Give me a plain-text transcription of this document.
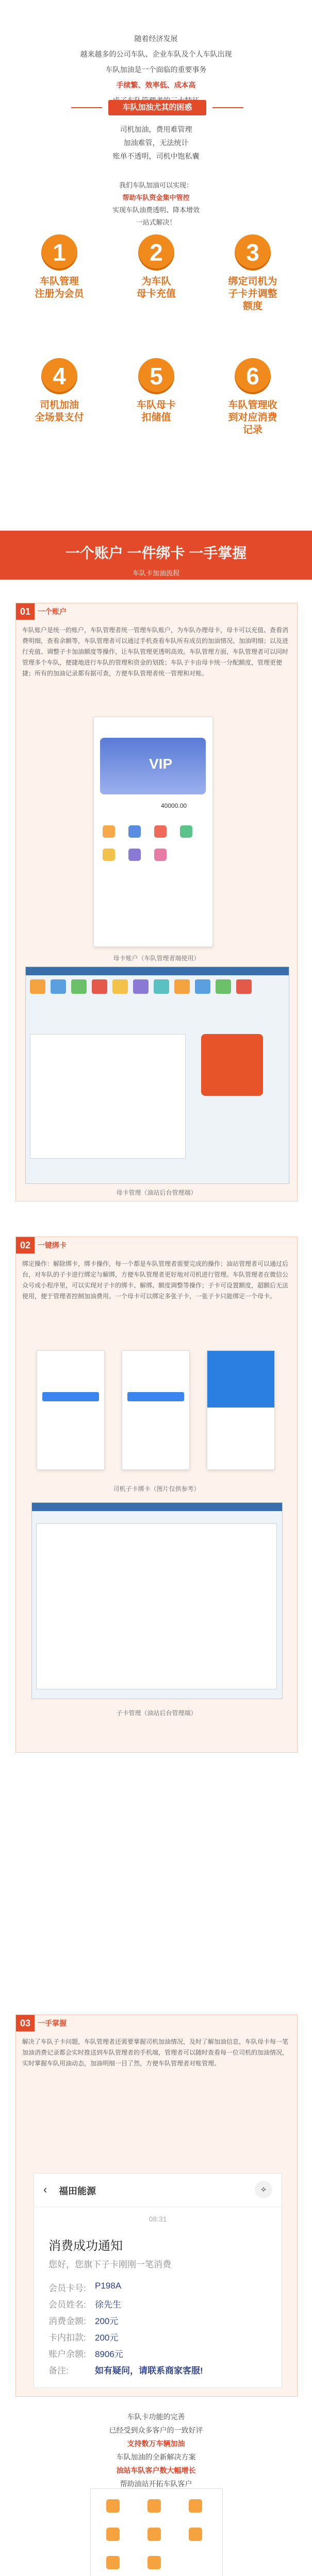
随着经济发展
越来越多的公司车队、企业车队及个人车队出现
车队加油是一个面临的重要事务
手续繁、效率低、成本高
车队加油尤其的困惑
司机加油，费用难管理
加油难管，无法统计
账单不透明，司机中饱私囊
我们车队加油可以实现：
帮助车队资金集中管控
实现车队油费透明、降本增效
一站式解决！
1
车队管理
注册为会员
2
为车队
母卡充值
3
绑定司机为
子卡并调整
额度
4
司机加油
全场景支付
5
车队母卡
扣储值
6
车队管理收
到对应消费
记录
一个账户 一件绑卡 一手掌握
车队卡加油流程
01 一个账户
车队账户是统一的账户，车队管理者统一管理车队账户，为车队办理母卡，母卡可以充值、查看消费明细，查看余额等，车队管理者可以通过手机查看车队所有成员的加油情况、加油明细；以及进行充值、调整子卡加油额度等操作，让车队管理更透明高效。车队管理方面，车队管理者可以同时管理多个车队，便捷地进行车队的管理和资金的划拨；车队子卡由母卡统一分配额度，管理更便捷；所有的加油记录都有据可查，方便车队管理者统一管理和对账。
VIP
40000.00
母卡账户（车队管理者端使用）
母卡管理（油站后台管理端）
02 一键绑卡
绑定操作：解除绑卡，绑卡操作，每一个都是车队管理者需要完成的操作；油站管理者可以通过后台，对车队的子卡进行绑定与解绑，方便车队管理者更好地对司机进行管理。车队管理者在微信公众号或小程序里，可以实现对子卡的绑卡、解绑、额度调整等操作；子卡可设置额度，超额后无法使用，便于管理者控制加油费用。一个母卡可以绑定多张子卡，一张子卡只能绑定一个母卡。
司机子卡绑卡（图片仅供参考）
子卡管理（油站后台管理端）
03 一手掌握
解决了车队子卡问题，车队管理者还需要掌握司机加油情况，及时了解加油信息，车队母卡每一笔加油消费记录都会实时推送到车队管理者的手机端，管理者可以随时查看每一位司机的加油情况，实时掌握车队用油动态，加油明细一目了然，方便车队管理者对账管理。
‹ 福田能源	⟡
08:31
消费成功通知
您好，您旗下子卡刚刚一笔消费
会员卡号: P198A
会员姓名: 徐先生
消费金额: 200元
卡内扣款: 200元
账户余额: 8906元
备注:	如有疑问，请联系商家客服!
车队卡功能的完善
已经受到众多客户的一致好评
支持数万车辆加油
车队加油的全新解决方案
油站车队客户数大幅增长
帮助油站开拓车队客户
